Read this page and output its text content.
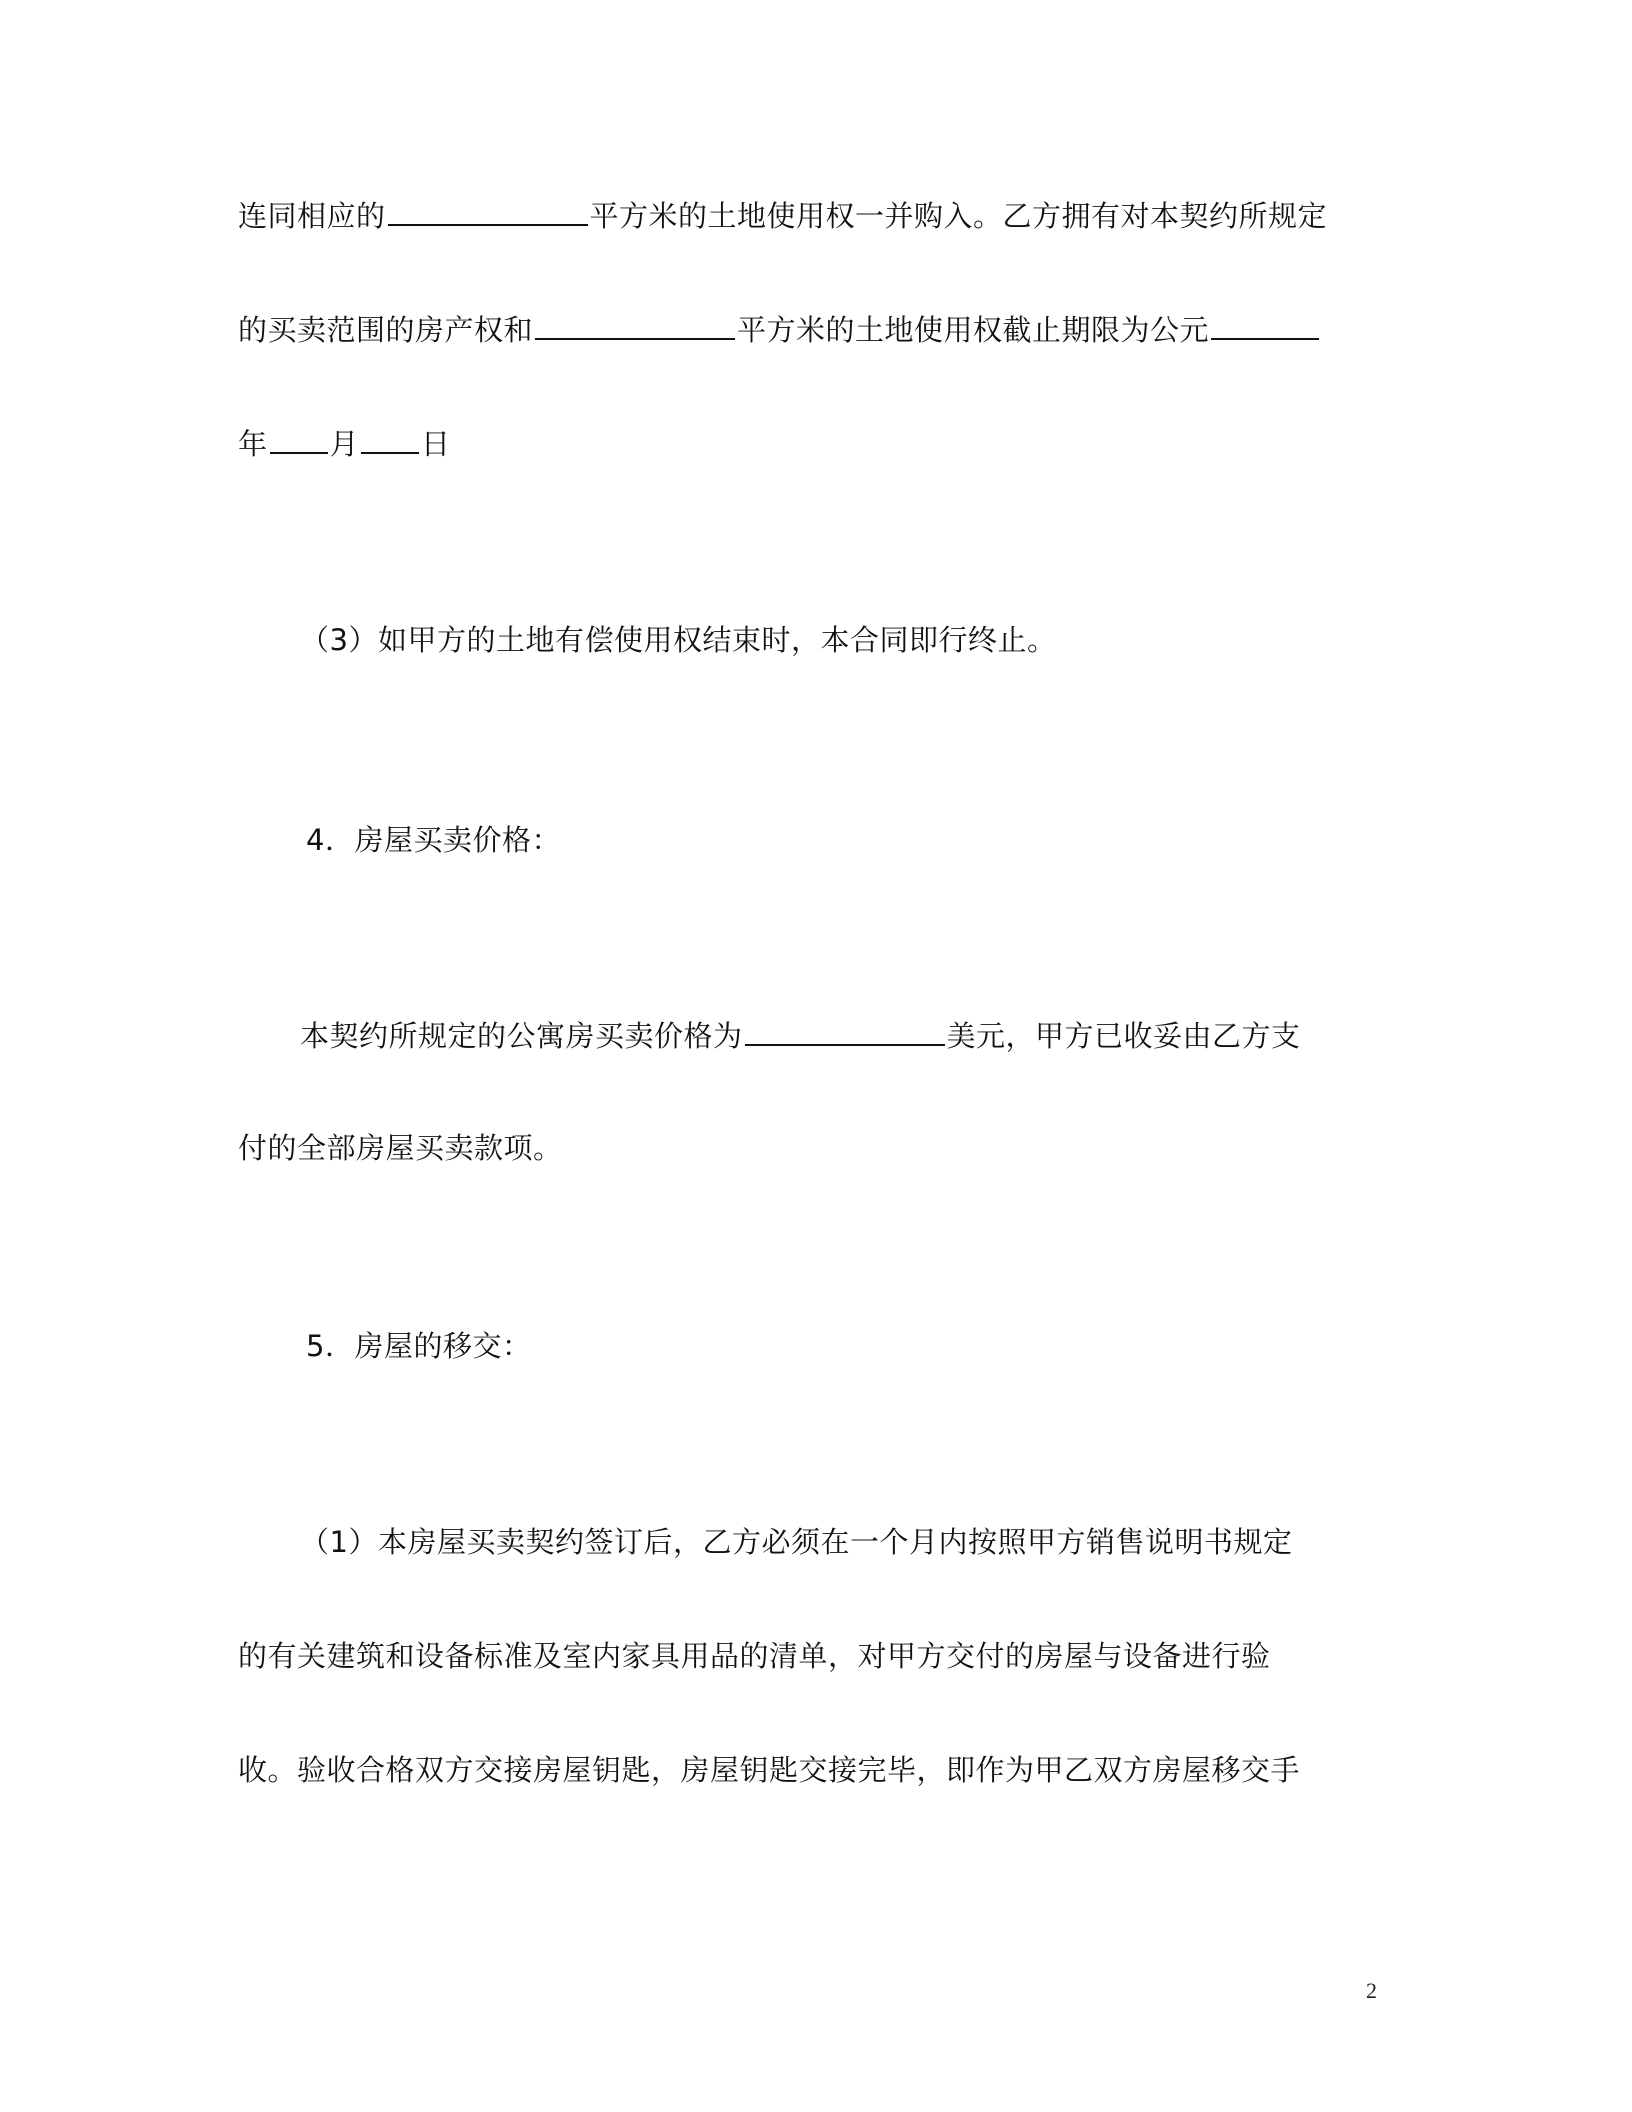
连同相应的	平方米的土地使用权一并购入。乙方拥有对本契约所规定
的买卖范围的房产权和	平方米的土地使用权截止期限为公元
年 月 日
（3）如甲方的土地有偿使用权结束时，本合同即行终止。
4．房屋买卖价格：
本契约所规定的公寓房买卖价格为	美元，甲方已收妥由乙方支
付的全部房屋买卖款项。
5．房屋的移交：
（1）本房屋买卖契约签订后，乙方必须在一个月内按照甲方销售说明书规定
的有关建筑和设备标准及室内家具用品的清单，对甲方交付的房屋与设备进行验
收。验收合格双方交接房屋钥匙，房屋钥匙交接完毕，即作为甲乙双方房屋移交手
2
